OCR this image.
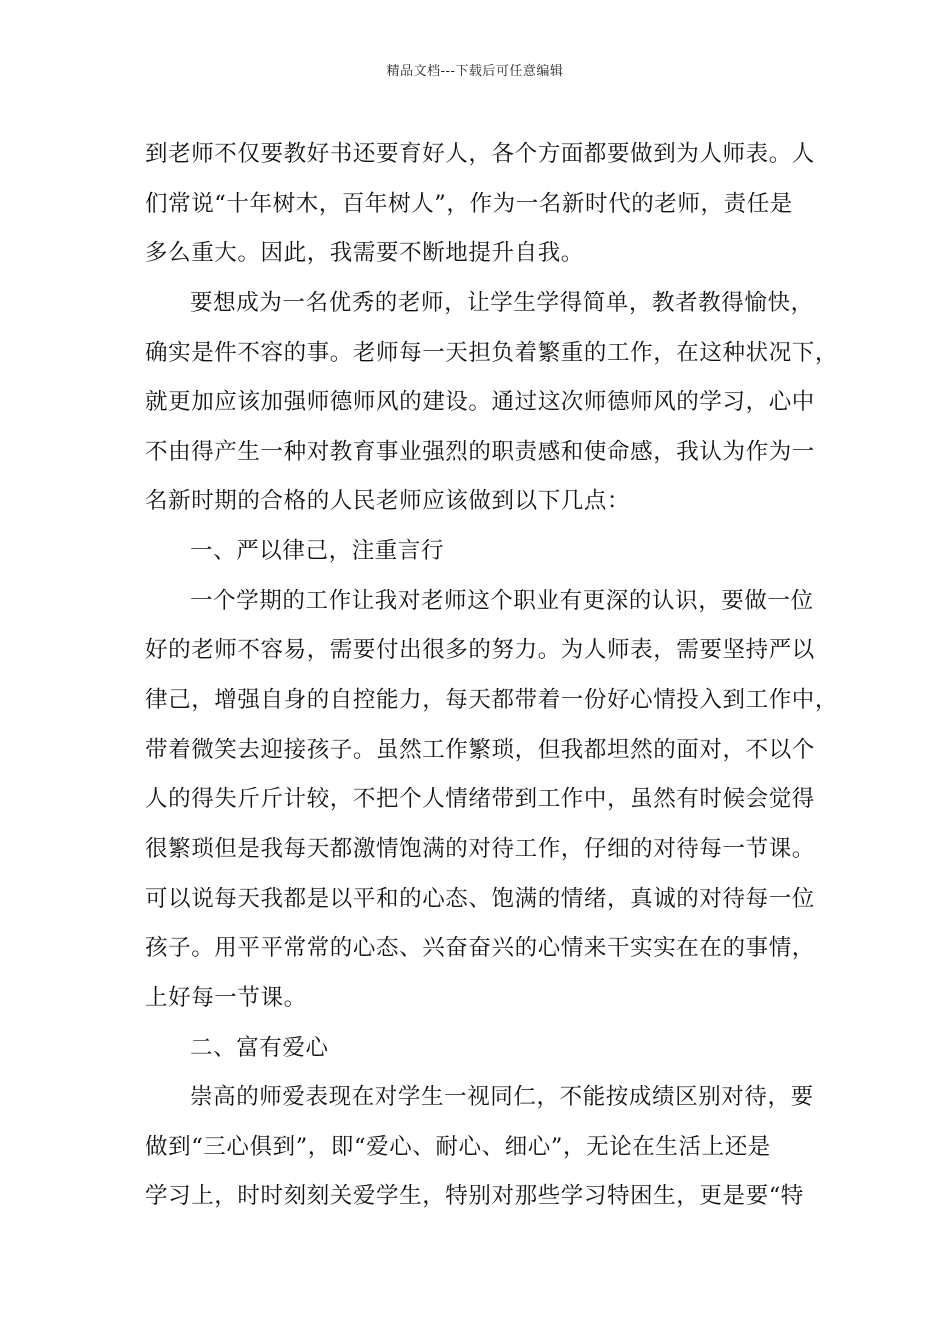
精品文档---下载后可任意编辑
到老师不仅要教好书还要育好人，各个方面都要做到为人师表。人
们常说“十年树木，百年树人”，作为一名新时代的老师，责任是
多么重大。因此，我需要不断地提升自我。
要想成为一名优秀的老师，让学生学得简单，教者教得愉快，
确实是件不容的事。老师每一天担负着繁重的工作，在这种状况下，
就更加应该加强师德师风的建设。通过这次师德师风的学习，心中
不由得产生一种对教育事业强烈的职责感和使命感，我认为作为一
名新时期的合格的人民老师应该做到以下几点：
一、严以律己，注重言行
一个学期的工作让我对老师这个职业有更深的认识，要做一位
好的老师不容易，需要付出很多的努力。为人师表，需要坚持严以
律己，增强自身的自控能力，每天都带着一份好心情投入到工作中，
带着微笑去迎接孩子。虽然工作繁琐，但我都坦然的面对，不以个
人的得失斤斤计较，不把个人情绪带到工作中，虽然有时候会觉得
很繁琐但是我每天都激情饱满的对待工作，仔细的对待每一节课。
可以说每天我都是以平和的心态、饱满的情绪，真诚的对待每一位
孩子。用平平常常的心态、兴奋奋兴的心情来干实实在在的事情，
上好每一节课。
二、富有爱心
崇高的师爱表现在对学生一视同仁，不能按成绩区别对待，要
做到“三心俱到”，即“爱心、耐心、细心”，无论在生活上还是
学习上，时时刻刻关爱学生，特别对那些学习特困生，更是要“特
